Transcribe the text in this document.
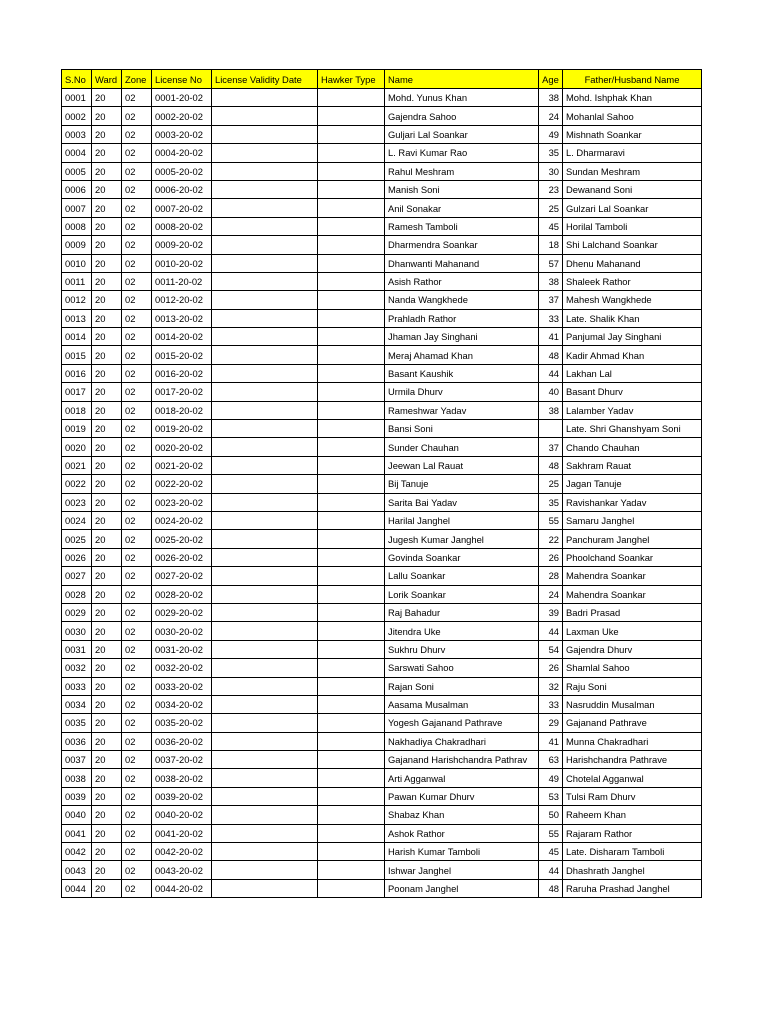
S.No	Ward	Zone	License No	License Validity Date	Hawker Type	Name	Age	Father/Husband Name
0001	20	02	0001-20-02			Mohd. Yunus Khan	38	Mohd. Ishphak Khan
0002	20	02	0002-20-02			Gajendra Sahoo	24	Mohanlal Sahoo
0003	20	02	0003-20-02			Guljari Lal Soankar	49	Mishnath Soankar
0004	20	02	0004-20-02			L. Ravi Kumar Rao	35	L. Dharmaravi
0005	20	02	0005-20-02			Rahul Meshram	30	Sundan Meshram
0006	20	02	0006-20-02			Manish Soni	23	Dewanand Soni
0007	20	02	0007-20-02			Anil Sonakar	25	Gulzari Lal Soankar
0008	20	02	0008-20-02			Ramesh Tamboli	45	Horilal Tamboli
0009	20	02	0009-20-02			Dharmendra Soankar	18	Shi Lalchand Soankar
0010	20	02	0010-20-02			Dhanwanti Mahanand	57	Dhenu Mahanand
0011	20	02	0011-20-02			Asish Rathor	38	Shaleek Rathor
0012	20	02	0012-20-02			Nanda Wangkhede	37	Mahesh Wangkhede
0013	20	02	0013-20-02			Prahladh Rathor	33	Late. Shalik Khan
0014	20	02	0014-20-02			Jhaman Jay Singhani	41	Panjumal Jay Singhani
0015	20	02	0015-20-02			Meraj Ahamad Khan	48	Kadir Ahmad Khan
0016	20	02	0016-20-02			Basant Kaushik	44	Lakhan Lal
0017	20	02	0017-20-02			Urmila Dhurv	40	Basant Dhurv
0018	20	02	0018-20-02			Rameshwar Yadav	38	Lalamber Yadav
0019	20	02	0019-20-02			Bansi Soni		Late. Shri Ghanshyam Soni
0020	20	02	0020-20-02			Sunder Chauhan	37	Chando Chauhan
0021	20	02	0021-20-02			Jeewan Lal Rauat	48	Sakhram Rauat
0022	20	02	0022-20-02			Bij Tanuje	25	Jagan Tanuje
0023	20	02	0023-20-02			Sarita Bai Yadav	35	Ravishankar Yadav
0024	20	02	0024-20-02			Harilal Janghel	55	Samaru Janghel
0025	20	02	0025-20-02			Jugesh Kumar Janghel	22	Panchuram Janghel
0026	20	02	0026-20-02			Govinda Soankar	26	Phoolchand Soankar
0027	20	02	0027-20-02			Lallu Soankar	28	Mahendra Soankar
0028	20	02	0028-20-02			Lorik Soankar	24	Mahendra Soankar
0029	20	02	0029-20-02			Raj Bahadur	39	Badri Prasad
0030	20	02	0030-20-02			Jitendra Uke	44	Laxman Uke
0031	20	02	0031-20-02			Sukhru Dhurv	54	Gajendra Dhurv
0032	20	02	0032-20-02			Sarswati Sahoo	26	Shamlal Sahoo
0033	20	02	0033-20-02			Rajan Soni	32	Raju Soni
0034	20	02	0034-20-02			Aasama Musalman	33	Nasruddin Musalman
0035	20	02	0035-20-02			Yogesh Gajanand Pathrave	29	Gajanand Pathrave
0036	20	02	0036-20-02			Nakhadiya Chakradhari	41	Munna Chakradhari
0037	20	02	0037-20-02			Gajanand Harishchandra Pathrav	63	Harishchandra Pathrave
0038	20	02	0038-20-02			Arti Agganwal	49	Chotelal Agganwal
0039	20	02	0039-20-02			Pawan Kumar Dhurv	53	Tulsi Ram Dhurv
0040	20	02	0040-20-02			Shabaz Khan	50	Raheem Khan
0041	20	02	0041-20-02			Ashok Rathor	55	Rajaram Rathor
0042	20	02	0042-20-02			Harish Kumar Tamboli	45	Late. Disharam Tamboli
0043	20	02	0043-20-02			Ishwar Janghel	44	Dhashrath Janghel
0044	20	02	0044-20-02			Poonam Janghel	48	Raruha Prashad Janghel
